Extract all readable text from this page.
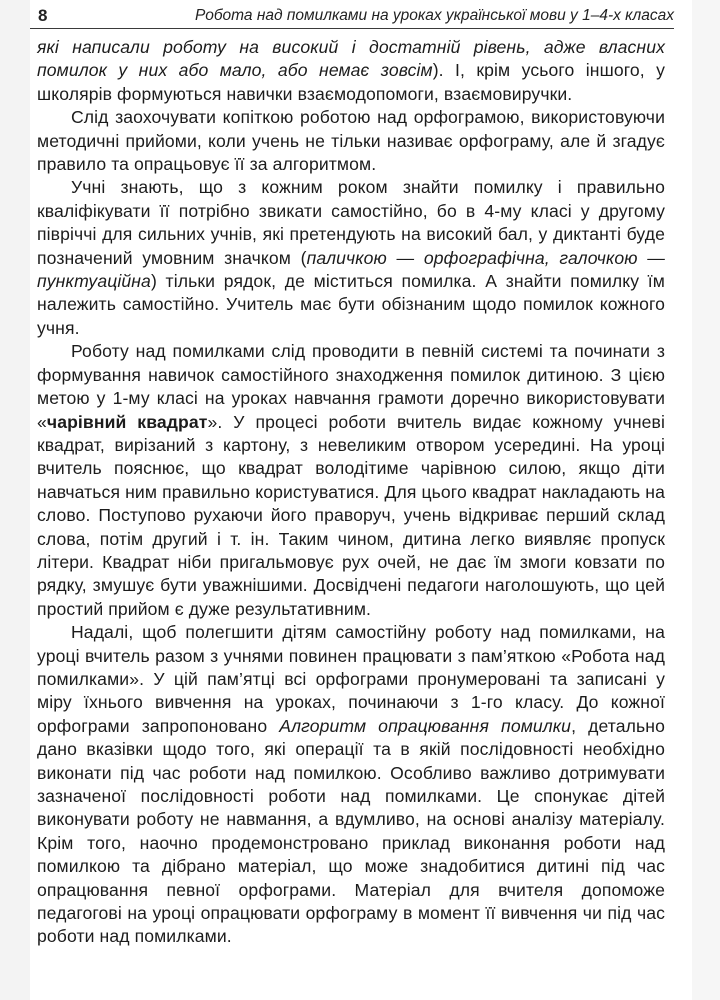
8	Робота над помилками на уроках української мови у 1–4-х класах

які написали роботу на високий і достатній рівень, адже власних помилок у них або мало, або немає зовсім). І, крім усього іншого, у школярів формуються навички взаємодопомоги, взаємовиручки.

Слід заохочувати копіткою роботою над орфограмою, використовуючи методичні прийоми, коли учень не тільки називає орфограму, але й згадує правило та опрацьовує її за алгоритмом.

Учні знають, що з кожним роком знайти помилку і правильно кваліфікувати її потрібно звикати самостійно, бо в 4-му класі у другому півріччі для сильних учнів, які претендують на високий бал, у диктанті буде позначений умовним значком (паличкою — орфографічна, галочкою — пунктуаційна) тільки рядок, де міститься помилка. А знайти помилку їм належить самостійно. Учитель має бути обізнаним щодо помилок кожного учня.

Роботу над помилками слід проводити в певній системі та починати з формування навичок самостійного знаходження помилок дитиною. З цією метою у 1-му класі на уроках навчання грамоти доречно використовувати «чарівний квадрат». У процесі роботи вчитель видає кожному учневі квадрат, вирізаний з картону, з невеликим отвором усередині. На уроці вчитель пояснює, що квадрат володітиме чарівною силою, якщо діти навчаться ним правильно користуватися. Для цього квадрат накладають на слово. Поступово рухаючи його праворуч, учень відкриває перший склад слова, потім другий і т. ін. Таким чином, дитина легко виявляє пропуск літери. Квадрат ніби пригальмовує рух очей, не дає їм змоги ковзати по рядку, змушує бути уважнішими. Досвідчені педагоги наголошують, що цей простий прийом є дуже результативним.

Надалі, щоб полегшити дітям самостійну роботу над помилками, на уроці вчитель разом з учнями повинен працювати з пам’яткою «Робота над помилками». У цій пам’ятці всі орфограми пронумеровані та записані у міру їхнього вивчення на уроках, починаючи з 1-го класу. До кожної орфограми запропоновано Алгоритм опрацювання помилки, детально дано вказівки щодо того, які операції та в якій послідовності необхідно виконати під час роботи над помилкою. Особливо важливо дотримувати зазначеної послідовності роботи над помилками. Це спонукає дітей виконувати роботу не навмання, а вдумливо, на основі аналізу матеріалу. Крім того, наочно продемонстровано приклад виконання роботи над помилкою та дібрано матеріал, що може знадобитися дитині під час опрацювання певної орфограми. Матеріал для вчителя допоможе педагогові на уроці опрацювати орфограму в момент її вивчення чи під час роботи над помилками.
